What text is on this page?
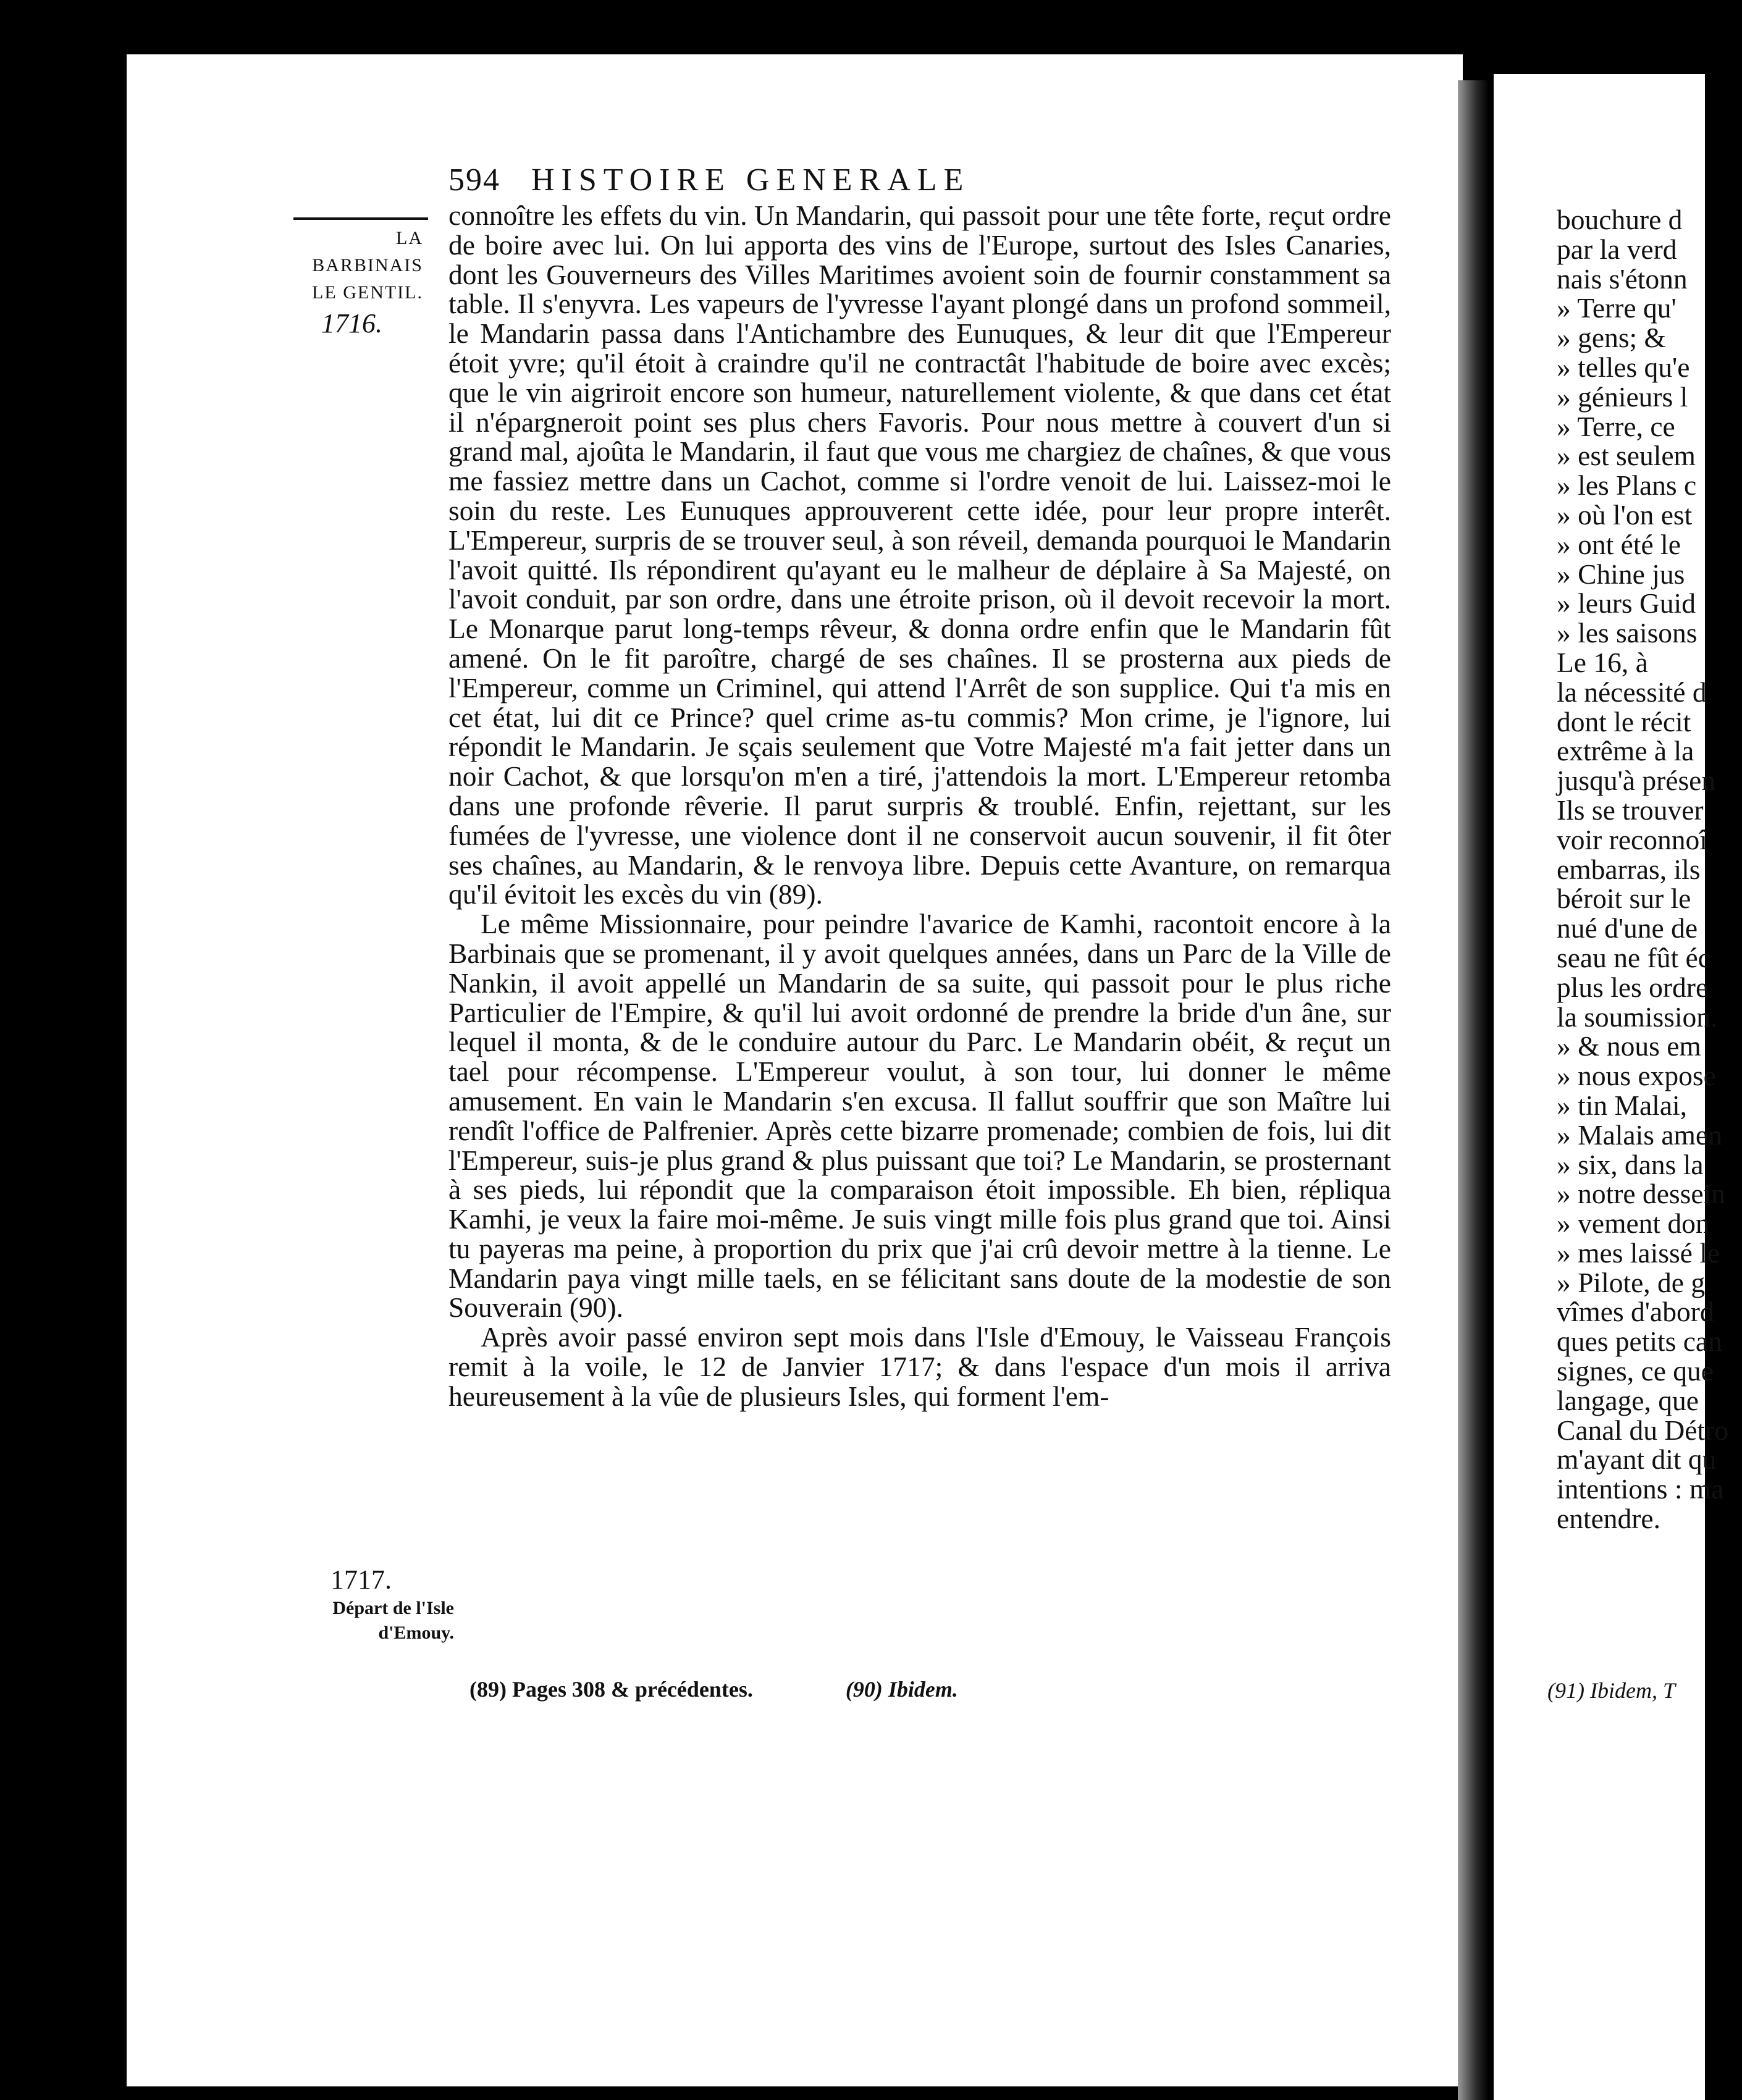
594 HISTOIRE GENERALE
LA BARBINAIS LE GENTIL.
1716.
1717.
Départ de l'Isle d'Emouy.

connoître les effets du vin. Un Mandarin, qui passoit pour une tête forte, reçut ordre de boire avec lui. On lui apporta des vins de l'Europe, surtout des Isles Canaries, dont les Gouverneurs des Villes Maritimes avoient soin de fournir constamment sa table. Il s'enyvra. Les vapeurs de l'yvresse l'ayant plongé dans un profond sommeil, le Mandarin passa dans l'Antichambre des Eunuques, & leur dit que l'Empereur étoit yvre; qu'il étoit à craindre qu'il ne contractât l'habitude de boire avec excès; que le vin aigriroit encore son humeur, naturellement violente, & que dans cet état il n'épargneroit point ses plus chers Favoris. Pour nous mettre à couvert d'un si grand mal, ajoûta le Mandarin, il faut que vous me chargiez de chaînes, & que vous me fassiez mettre dans un Cachot, comme si l'ordre venoit de lui. Laissez-moi le soin du reste. Les Eunuques approuverent cette idée, pour leur propre interêt. L'Empereur, surpris de se trouver seul, à son réveil, demanda pourquoi le Mandarin l'avoit quitté. Ils répondirent qu'ayant eu le malheur de déplaire à Sa Majesté, on l'avoit conduit, par son ordre, dans une étroite prison, où il devoit recevoir la mort. Le Monarque parut long-temps rêveur, & donna ordre enfin que le Mandarin fût amené. On le fit paroître, chargé de ses chaînes. Il se prosterna aux pieds de l'Empereur, comme un Criminel, qui attend l'Arrêt de son supplice. Qui t'a mis en cet état, lui dit ce Prince? quel crime as-tu commis? Mon crime, je l'ignore, lui répondit le Mandarin. Je sçais seulement que Votre Majesté m'a fait jetter dans un noir Cachot, & que lorsqu'on m'en a tiré, j'attendois la mort. L'Empereur retomba dans une profonde rêverie. Il parut surpris & troublé. Enfin, rejettant, sur les fumées de l'yvresse, une violence dont il ne conservoit aucun souvenir, il fit ôter ses chaînes, au Mandarin, & le renvoya libre. Depuis cette Avanture, on remarqua qu'il évitoit les excès du vin (89).

Le même Missionnaire, pour peindre l'avarice de Kamhi, racontoit encore à la Barbinais que se promenant, il y avoit quelques années, dans un Parc de la Ville de Nankin, il avoit appellé un Mandarin de sa suite, qui passoit pour le plus riche Particulier de l'Empire, & qu'il lui avoit ordonné de prendre la bride d'un âne, sur lequel il monta, & de le conduire autour du Parc. Le Mandarin obéit, & reçut un tael pour récompense. L'Empereur voulut, à son tour, lui donner le même amusement. En vain le Mandarin s'en excusa. Il fallut souffrir que son Maître lui rendît l'office de Palfrenier. Après cette bizarre promenade; combien de fois, lui dit l'Empereur, suis-je plus grand & plus puissant que toi? Le Mandarin, se prosternant à ses pieds, lui répondit que la comparaison étoit impossible. Eh bien, répliqua Kamhi, je veux la faire moi-même. Je suis vingt mille fois plus grand que toi. Ainsi tu payeras ma peine, à proportion du prix que j'ai crû devoir mettre à la tienne. Le Mandarin paya vingt mille taels, en se félicitant sans doute de la modestie de son Souverain (90).

Après avoir passé environ sept mois dans l'Isle d'Emouy, le Vaisseau François remit à la voile, le 12 de Janvier 1717; & dans l'espace d'un mois il arriva heureusement à la vûe de plusieurs Isles, qui forment l'em-

(89) Pages 308 & précédentes.	(90) Ibidem.
bouchure d
par la verd
nais s'étonn
» Terre qu'
» gens; &
» telles qu'e
» génieurs l
» Terre, ce
» est seulem
» les Plans c
» où l'on est
» ont été le
» Chine jus
» leurs Guid
» les saisons
Le 16, à
la nécessité d
dont le récit
extrême à la
jusqu'à présen
Ils se trouver
voir reconnoî
embarras, ils
béroit sur le
nué d'une de
seau ne fût éc
plus les ordre
la soumission.
» & nous em
» nous expose
» tin Malai,
» Malais amen
» six, dans la
» notre dessein
» vement don
» mes laissé le
» Pilote, de g
vîmes d'abord
ques petits can
signes, ce que
langage, que
Canal du Détro
m'ayant dit qu
intentions : ma
entendre.
(91) Ibidem, T
